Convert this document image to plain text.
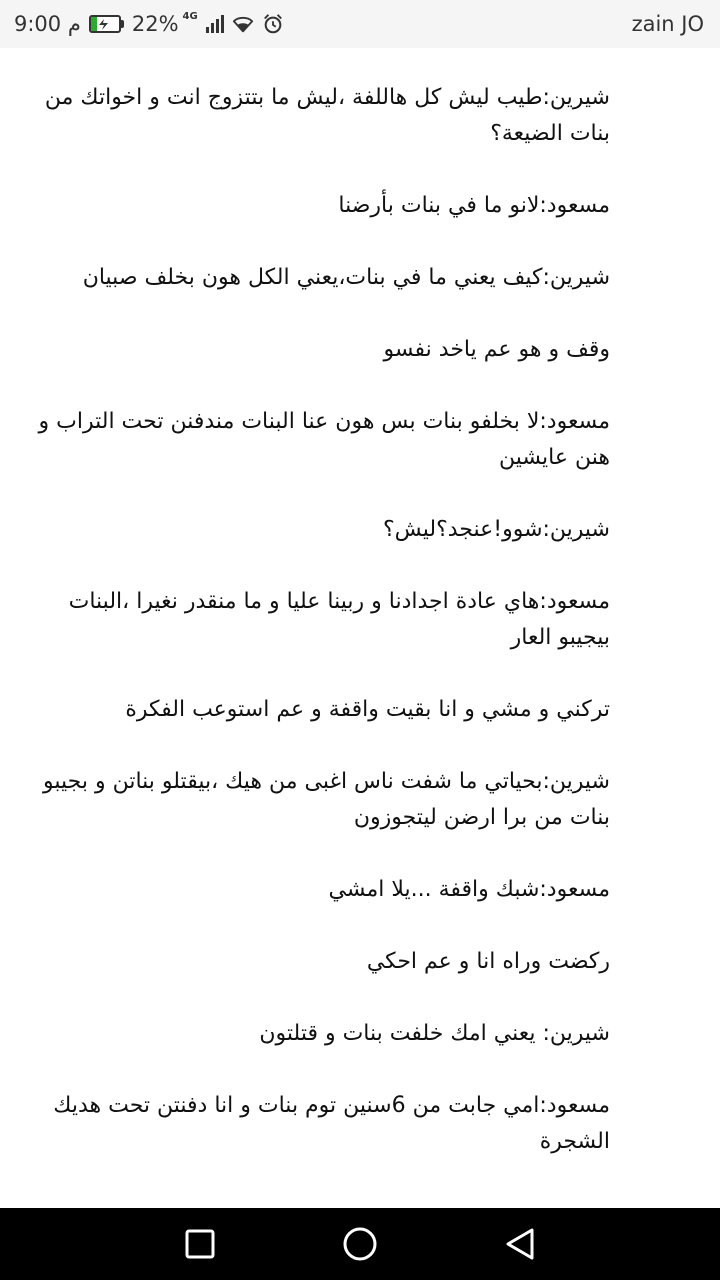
9:00 م 22% 4G	zain JO

شيرين:طيب ليش كل هاللفة ،ليش ما بتتزوج انت و اخواتك من بنات الضيعة؟

مسعود:لانو ما في بنات بأرضنا

شيرين:كيف يعني ما في بنات،يعني الكل هون بخلف صبيان

وقف و هو عم ياخد نفسو

مسعود:لا بخلفو بنات بس هون عنا البنات مندفنن تحت التراب و هنن عايشين

شيرين:شوو!عنجد؟ليش؟

مسعود:هاي عادة اجدادنا و ربينا عليا و ما منقدر نغيرا ،البنات بيجيبو العار

تركني و مشي و انا بقيت واقفة و عم استوعب الفكرة

شيرين:بحياتي ما شفت ناس اغبى من هيك ،بيقتلو بناتن و بجيبو بنات من برا ارضن ليتجوزون

مسعود:شبك واقفة ...يلا امشي

ركضت وراه انا و عم احكي

شيرين: يعني امك خلفت بنات و قتلتون

مسعود:امي جابت من 6سنين توم بنات و انا دفنتن تحت هديك الشجرة
